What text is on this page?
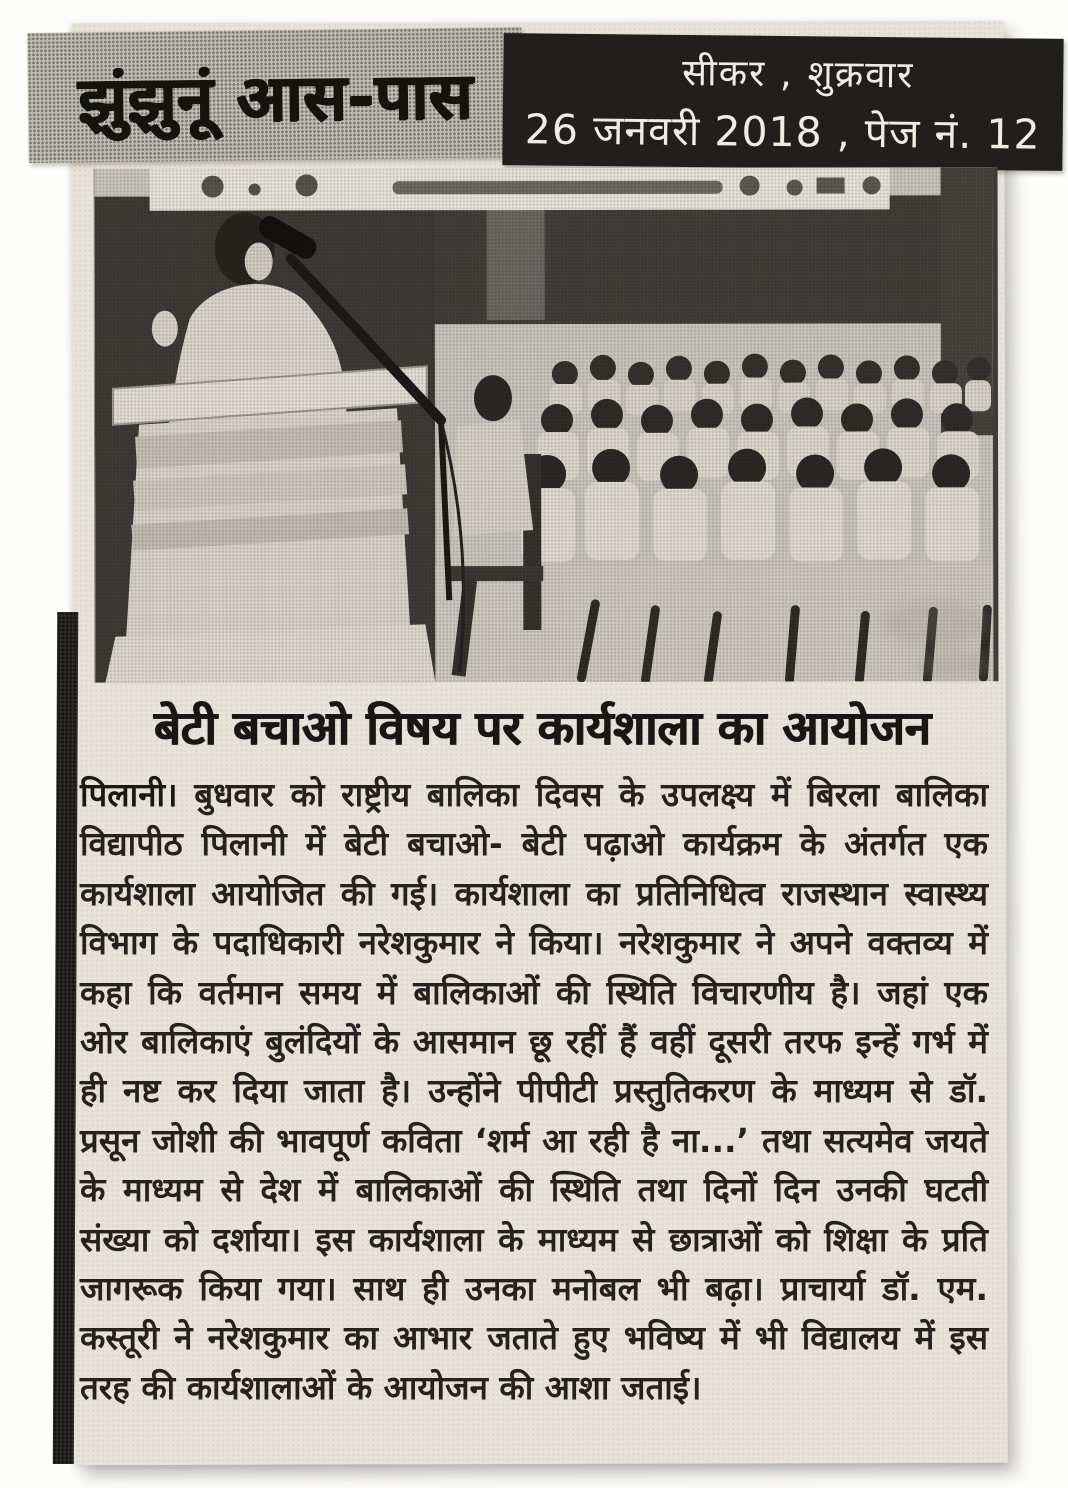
झुंझुनूं आस-पास	सीकर , शुक्रवार
26 जनवरी 2018 , पेज नं. 12
बेटी बचाओ विषय पर कार्यशाला का आयोजन
पिलानी। बुधवार को राष्ट्रीय बालिका दिवस के उपलक्ष्य में बिरला बालिका विद्यापीठ पिलानी में बेटी बचाओ- बेटी पढ़ाओ कार्यक्रम के अंतर्गत एक कार्यशाला आयोजित की गई। कार्यशाला का प्रतिनिधित्व राजस्थान स्वास्थ्य विभाग के पदाधिकारी नरेशकुमार ने किया। नरेशकुमार ने अपने वक्तव्य में कहा कि वर्तमान समय में बालिकाओं की स्थिति विचारणीय है। जहां एक ओर बालिकाएं बुलंदियों के आसमान छू रहीं हैं वहीं दूसरी तरफ इन्हें गर्भ में ही नष्ट कर दिया जाता है। उन्होंने पीपीटी प्रस्तुतिकरण के माध्यम से डॉ. प्रसून जोशी की भावपूर्ण कविता ‘शर्म आ रही है ना...’ तथा सत्यमेव जयते के माध्यम से देश में बालिकाओं की स्थिति तथा दिनों दिन उनकी घटती संख्या को दर्शाया। इस कार्यशाला के माध्यम से छात्राओं को शिक्षा के प्रति जागरूक किया गया। साथ ही उनका मनोबल भी बढ़ा। प्राचार्या डॉ. एम. कस्तूरी ने नरेशकुमार का आभार जताते हुए भविष्य में भी विद्यालय में इस तरह की कार्यशालाओं के आयोजन की आशा जताई।
